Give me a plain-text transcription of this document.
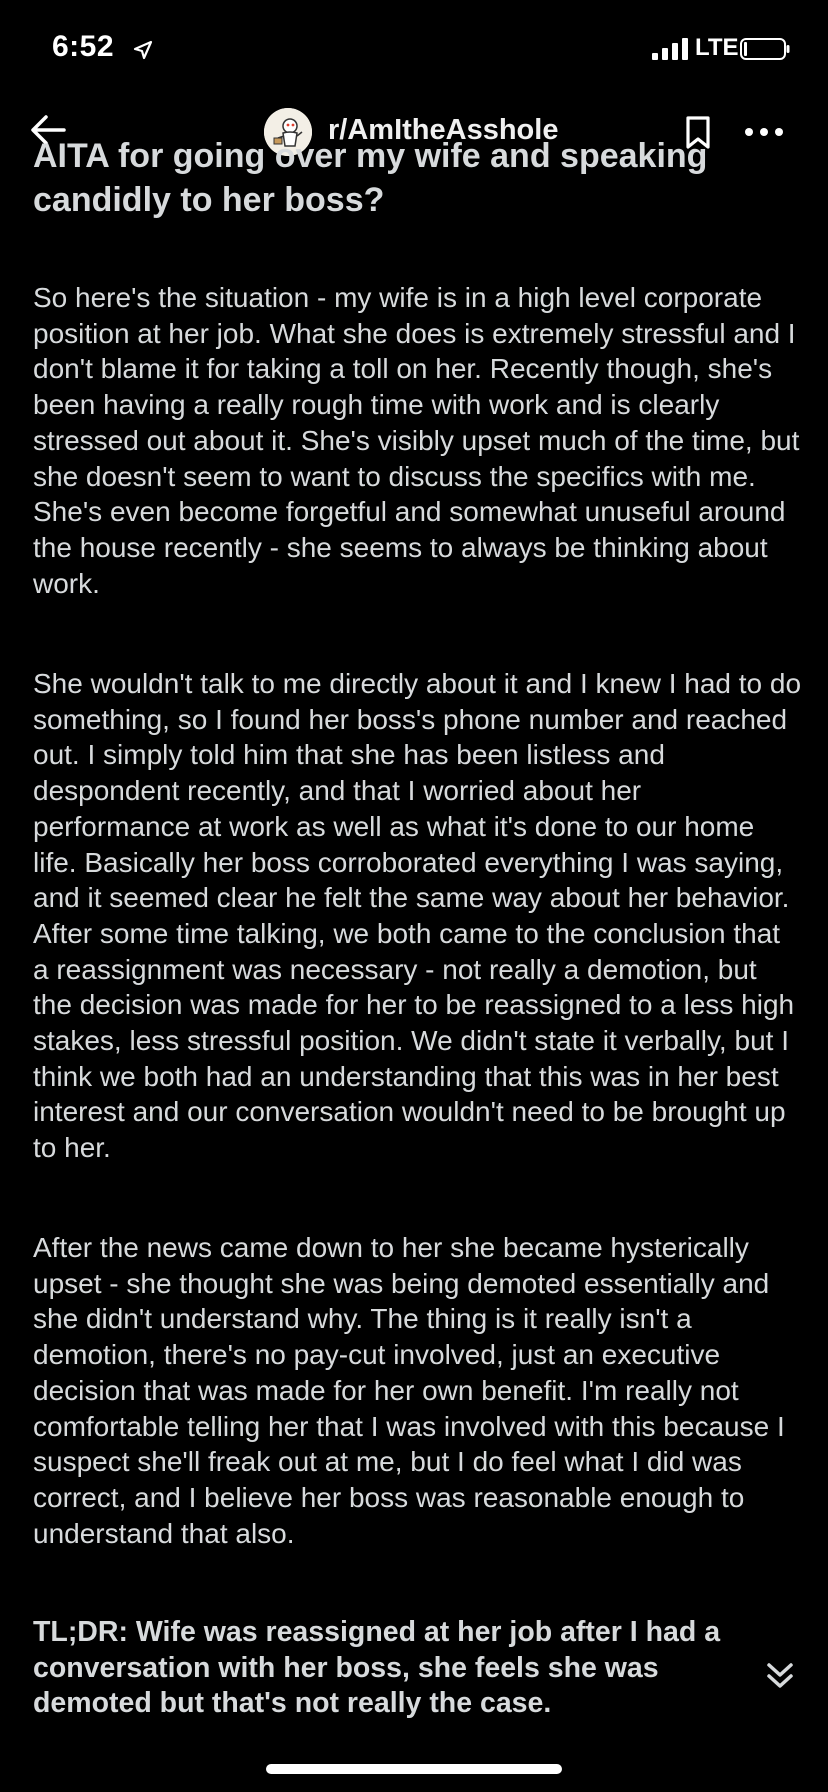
6:52	LTE
r/AmItheAsshole
AITA for going over my wife and speaking candidly to her boss?
So here's the situation - my wife is in a high level corporate position at her job. What she does is extremely stressful and I don't blame it for taking a toll on her. Recently though, she's been having a really rough time with work and is clearly stressed out about it. She's visibly upset much of the time, but she doesn't seem to want to discuss the specifics with me. She's even become forgetful and somewhat unuseful around the house recently - she seems to always be thinking about work.
She wouldn't talk to me directly about it and I knew I had to do something, so I found her boss's phone number and reached out. I simply told him that she has been listless and despondent recently, and that I worried about her performance at work as well as what it's done to our home life. Basically her boss corroborated everything I was saying, and it seemed clear he felt the same way about her behavior. After some time talking, we both came to the conclusion that a reassignment was necessary - not really a demotion, but the decision was made for her to be reassigned to a less high stakes, less stressful position. We didn't state it verbally, but I think we both had an understanding that this was in her best interest and our conversation wouldn't need to be brought up to her.
After the news came down to her she became hysterically upset - she thought she was being demoted essentially and she didn't understand why. The thing is it really isn't a demotion, there's no pay-cut involved, just an executive decision that was made for her own benefit. I'm really not comfortable telling her that I was involved with this because I suspect she'll freak out at me, but I do feel what I did was correct, and I believe her boss was reasonable enough to understand that also.
TL;DR: Wife was reassigned at her job after I had a conversation with her boss, she feels she was demoted but that's not really the case.
